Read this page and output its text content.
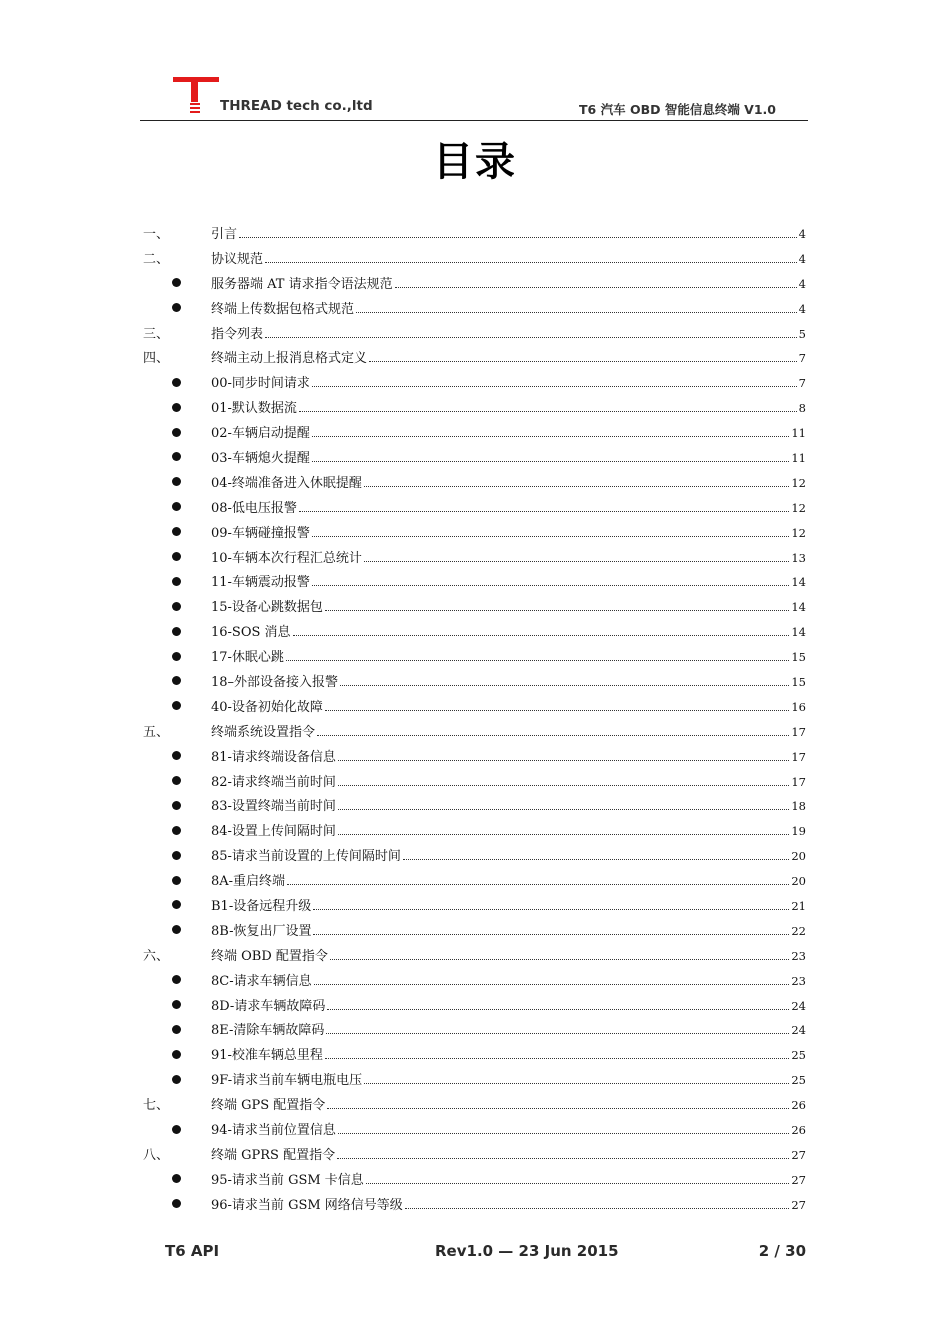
THREAD tech co.,ltd	T6 汽车 OBD 智能信息终端 V1.0
目录
一、	引言	4
二、	协议规范	4
服务器端 AT 请求指令语法规范	4
终端上传数据包格式规范	4
三、	指令列表	5
四、	终端主动上报消息格式定义	7
00-同步时间请求	7
01-默认数据流	8
02-车辆启动提醒	11
03-车辆熄火提醒	11
04-终端准备进入休眠提醒	12
08-低电压报警	12
09-车辆碰撞报警	12
10-车辆本次行程汇总统计	13
11-车辆震动报警	14
15-设备心跳数据包	14
16-SOS 消息	14
17-休眠心跳	15
18–外部设备接入报警	15
40-设备初始化故障	16
五、	终端系统设置指令	17
81-请求终端设备信息	17
82-请求终端当前时间	17
83-设置终端当前时间	18
84-设置上传间隔时间	19
85-请求当前设置的上传间隔时间	20
8A-重启终端	20
B1-设备远程升级	21
8B-恢复出厂设置	22
六、	终端 OBD 配置指令	23
8C-请求车辆信息	23
8D-请求车辆故障码	24
8E-清除车辆故障码	24
91-校准车辆总里程	25
9F-请求当前车辆电瓶电压	25
七、	终端 GPS 配置指令	26
94-请求当前位置信息	26
八、	终端 GPRS 配置指令	27
95-请求当前 GSM 卡信息	27
96-请求当前 GSM 网络信号等级	27
T6 API	Rev1.0 — 23 Jun 2015	2 / 30
